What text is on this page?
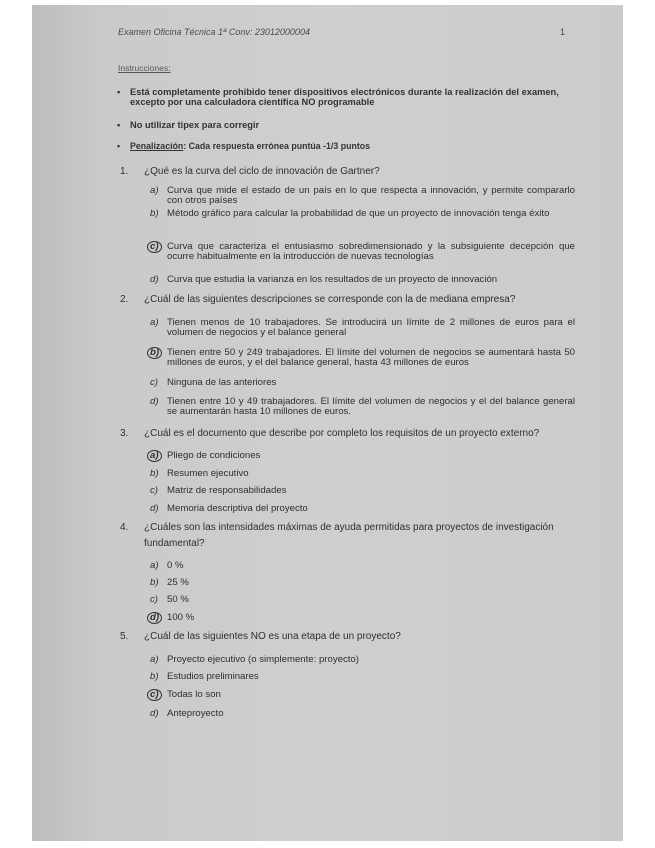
Examen Oficina Técnica 1ª Conv: 23012000004	1
Instrucciones:
• Está completamente prohibido tener dispositivos electrónicos durante la realización del examen, excepto por una calculadora científica NO programable
• No utilizar tipex para corregir
• Penalización: Cada respuesta errónea puntúa -1/3 puntos
1. ¿Qué es la curva del ciclo de innovación de Gartner?
a) Curva que mide el estado de un país en lo que respecta a innovación, y permite compararlo con otros países
b) Método gráfico para calcular la probabilidad de que un proyecto de innovación tenga éxito
c) Curva que caracteriza el entusiasmo sobredimensionado y la subsiguiente decepción que ocurre habitualmente en la introducción de nuevas tecnologías
d) Curva que estudia la varianza en los resultados de un proyecto de innovación
2. ¿Cuál de las siguientes descripciones se corresponde con la de mediana empresa?
a) Tienen menos de 10 trabajadores. Se introducirá un límite de 2 millones de euros para el volumen de negocios y el balance general
b) Tienen entre 50 y 249 trabajadores. El límite del volumen de negocios se aumentará hasta 50 millones de euros, y el del balance general, hasta 43 millones de euros
c) Ninguna de las anteriores
d) Tienen entre 10 y 49 trabajadores. El límite del volumen de negocios y el del balance general se aumentarán hasta 10 millones de euros.
3. ¿Cuál es el documento que describe por completo los requisitos de un proyecto externo?
a) Pliego de condiciones
b) Resumen ejecutivo
c) Matriz de responsabilidades
d) Memoria descriptiva del proyecto
4. ¿Cuáles son las intensidades máximas de ayuda permitidas para proyectos de investigación fundamental?
a) 0 %
b) 25 %
c) 50 %
d) 100 %
5. ¿Cuál de las siguientes NO es una etapa de un proyecto?
a) Proyecto ejecutivo (o simplemente: proyecto)
b) Estudios preliminares
c) Todas lo son
d) Anteproyecto
